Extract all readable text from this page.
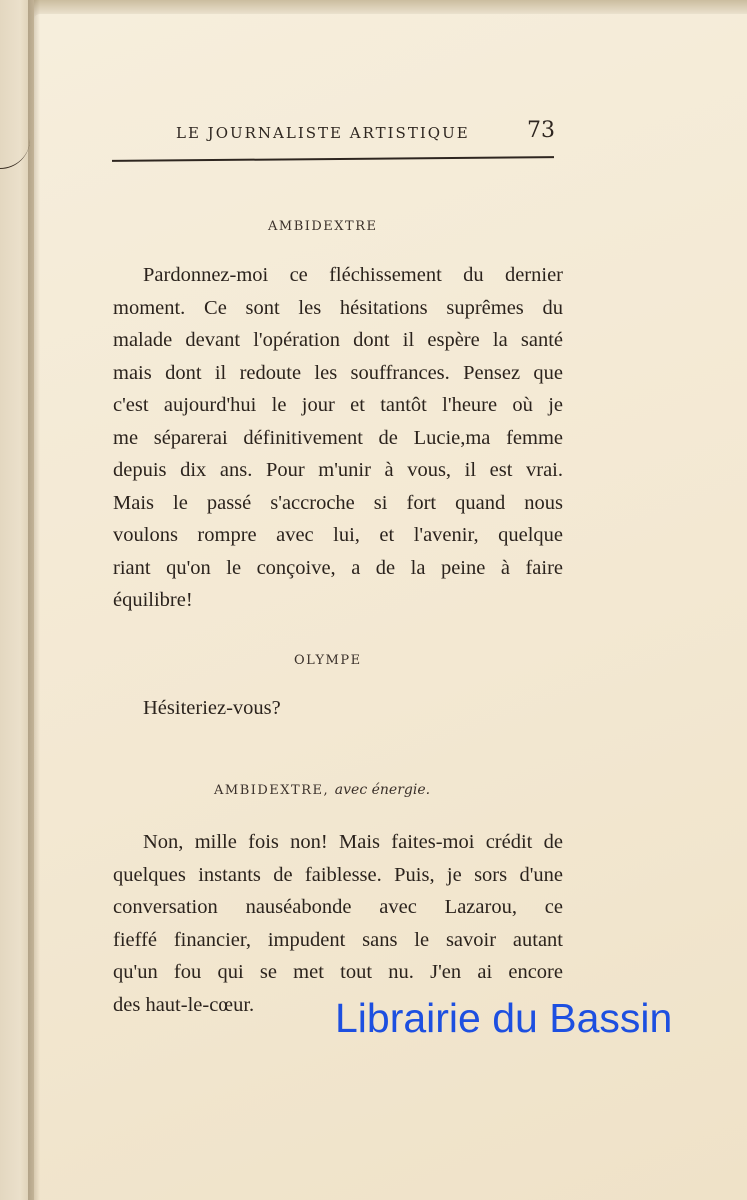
LE JOURNALISTE ARTISTIQUE	73
AMBIDEXTRE
Pardonnez-moi ce fléchissement du dernier
moment. Ce sont les hésitations suprêmes du
malade devant l'opération dont il espère la santé
mais dont il redoute les souffrances. Pensez que
c'est aujourd'hui le jour et tantôt l'heure où je
me séparerai définitivement de Lucie,ma femme
depuis dix ans. Pour m'unir à vous, il est vrai.
Mais le passé s'accroche si fort quand nous
voulons rompre avec lui, et l'avenir, quelque
riant qu'on le conçoive, a de la peine à faire
équilibre!
OLYMPE
Hésiteriez-vous?
AMBIDEXTRE, avec énergie.
Non, mille fois non! Mais faites-moi crédit de
quelques instants de faiblesse. Puis, je sors d'une
conversation nauséabonde avec Lazarou, ce
fieffé financier, impudent sans le savoir autant
qu'un fou qui se met tout nu. J'en ai encore
des haut-le-cœur.	Librairie du Bassin
